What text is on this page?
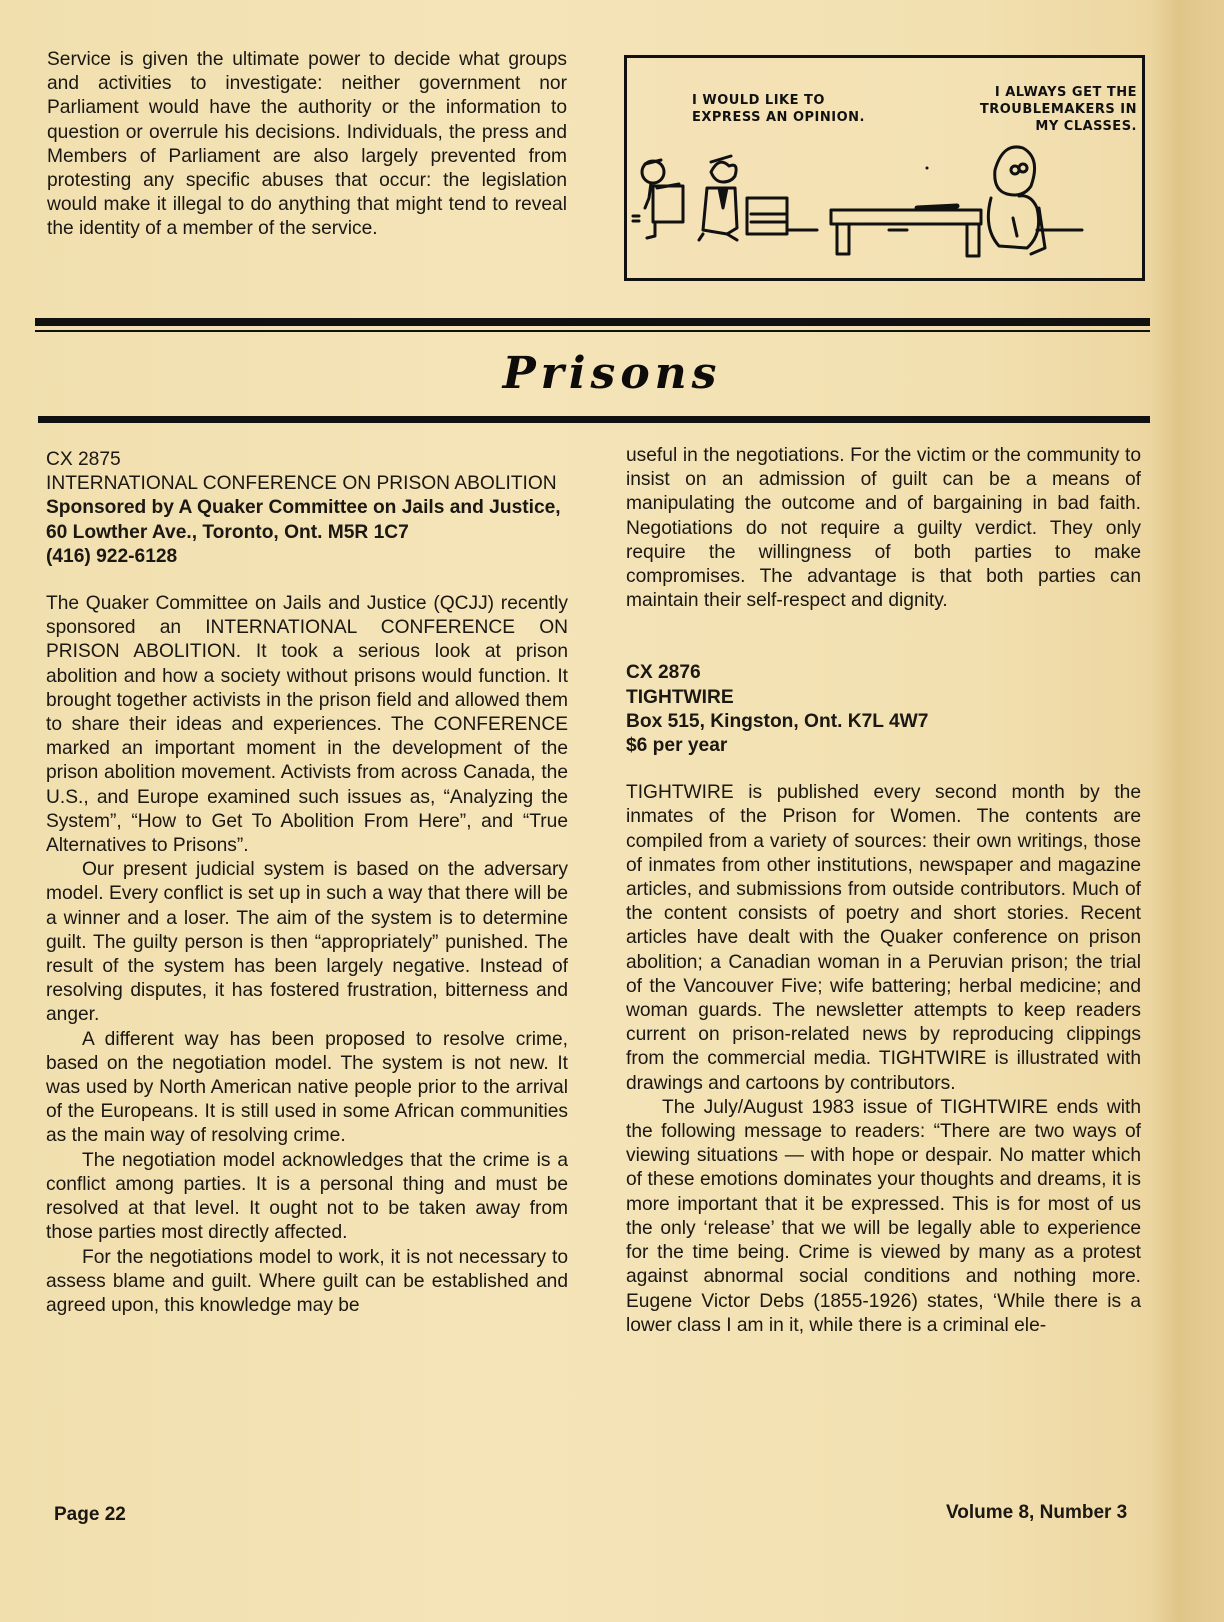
Service is given the ultimate power to decide what groups and activities to investigate: neither government nor Parliament would have the authority or the information to question or overrule his decisions. Individuals, the press and Members of Parliament are also largely prevented from protesting any specific abuses that occur: the legislation would make it illegal to do anything that might tend to reveal the identity of a member of the service.

I WOULD LIKE TO EXPRESS AN OPINION.
I ALWAYS GET THE TROUBLEMAKERS IN MY CLASSES.
Prisons
CX 2875
INTERNATIONAL CONFERENCE ON PRISON ABOLITION
Sponsored by A Quaker Committee on Jails and Justice,
60 Lowther Ave., Toronto, Ont. M5R 1C7
(416) 922-6128

The Quaker Committee on Jails and Justice (QCJJ) recently sponsored an INTERNATIONAL CONFERENCE ON PRISON ABOLITION. It took a serious look at prison abolition and how a society without prisons would function. It brought together activists in the prison field and allowed them to share their ideas and experiences. The CONFERENCE marked an important moment in the development of the prison abolition movement. Activists from across Canada, the U.S., and Europe examined such issues as, “Analyzing the System”, “How to Get To Abolition From Here”, and “True Alternatives to Prisons”.

Our present judicial system is based on the adversary model. Every conflict is set up in such a way that there will be a winner and a loser. The aim of the system is to determine guilt. The guilty person is then “appropriately” punished. The result of the system has been largely negative. Instead of resolving disputes, it has fostered frustration, bitterness and anger.

A different way has been proposed to resolve crime, based on the negotiation model. The system is not new. It was used by North American native people prior to the arrival of the Europeans. It is still used in some African communities as the main way of resolving crime.

The negotiation model acknowledges that the crime is a conflict among parties. It is a personal thing and must be resolved at that level. It ought not to be taken away from those parties most directly affected.

For the negotiations model to work, it is not necessary to assess blame and guilt. Where guilt can be established and agreed upon, this knowledge may be

useful in the negotiations. For the victim or the community to insist on an admission of guilt can be a means of manipulating the outcome and of bargaining in bad faith. Negotiations do not require a guilty verdict. They only require the willingness of both parties to make compromises. The advantage is that both parties can maintain their self-respect and dignity.

CX 2876
TIGHTWIRE
Box 515, Kingston, Ont. K7L 4W7
$6 per year

TIGHTWIRE is published every second month by the inmates of the Prison for Women. The contents are compiled from a variety of sources: their own writings, those of inmates from other institutions, newspaper and magazine articles, and submissions from outside contributors. Much of the content consists of poetry and short stories. Recent articles have dealt with the Quaker conference on prison abolition; a Canadian woman in a Peruvian prison; the trial of the Vancouver Five; wife battering; herbal medicine; and woman guards. The newsletter attempts to keep readers current on prison-related news by reproducing clippings from the commercial media. TIGHTWIRE is illustrated with drawings and cartoons by contributors.

The July/August 1983 issue of TIGHTWIRE ends with the following message to readers: “There are two ways of viewing situations — with hope or despair. No matter which of these emotions dominates your thoughts and dreams, it is more important that it be expressed. This is for most of us the only ‘release’ that we will be legally able to experience for the time being. Crime is viewed by many as a protest against abnormal social conditions and nothing more. Eugene Victor Debs (1855-1926) states, ‘While there is a lower class I am in it, while there is a criminal ele-

Page 22	Volume 8, Number 3
